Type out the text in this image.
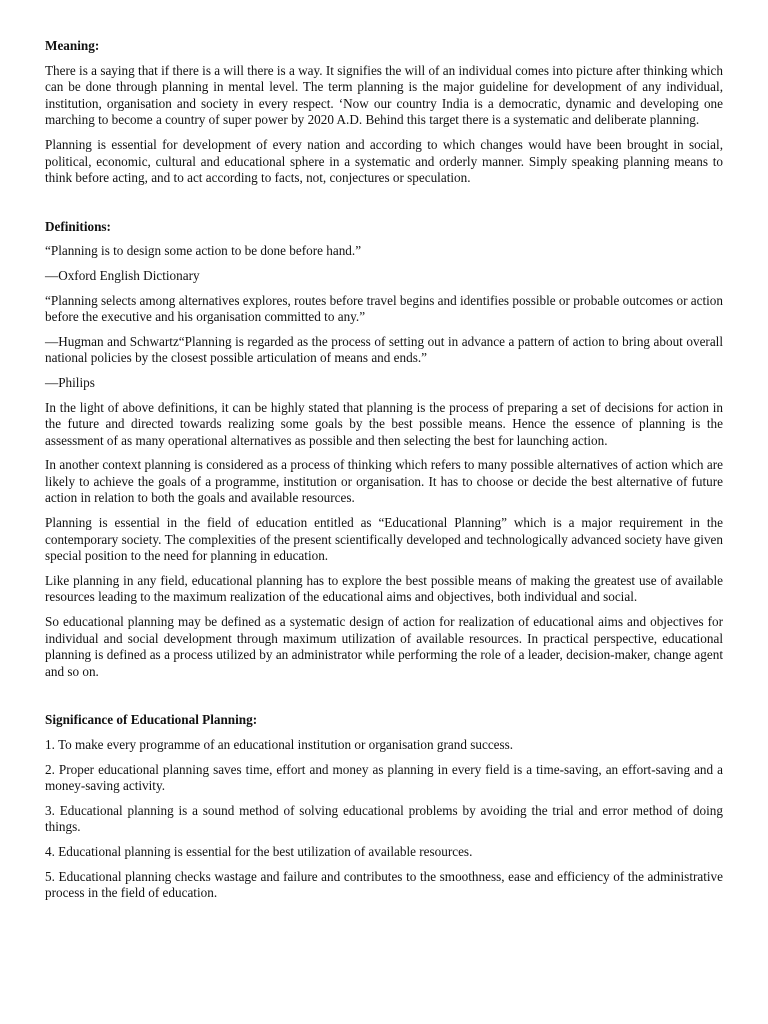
Meaning:

There is a saying that if there is a will there is a way. It signifies the will of an individual comes into picture after thinking which can be done through planning in mental level. The term planning is the major guideline for development of any individual, institution, organisation and society in every respect. ‘Now our country India is a democratic, dynamic and developing one marching to become a country of super power by 2020 A.D. Behind this target there is a systematic and deliberate planning.

Planning is essential for development of every nation and according to which changes would have been brought in social, political, economic, cultural and educational sphere in a systematic and orderly manner. Simply speaking planning means to think before acting, and to act according to facts, not, conjectures or speculation.

Definitions:

“Planning is to design some action to be done before hand.”

—Oxford English Dictionary

“Planning selects among alternatives explores, routes before travel begins and identifies possible or probable outcomes or action before the executive and his organisation committed to any.”

—Hugman and Schwartz“Planning is regarded as the process of setting out in advance a pattern of action to bring about overall national policies by the closest possible articulation of means and ends.”

—Philips

In the light of above definitions, it can be highly stated that planning is the process of preparing a set of decisions for action in the future and directed towards realizing some goals by the best possible means. Hence the essence of planning is the assessment of as many operational alternatives as possible and then selecting the best for launching action.

In another context planning is considered as a process of thinking which refers to many possible alternatives of action which are likely to achieve the goals of a programme, institution or organisation. It has to choose or decide the best alternative of future action in relation to both the goals and available resources.

Planning is essential in the field of education entitled as “Educational Planning” which is a major requirement in the contemporary society. The complexities of the present scientifically developed and technologically advanced society have given special position to the need for planning in education.

Like planning in any field, educational planning has to explore the best possible means of making the greatest use of available resources leading to the maximum realization of the educational aims and objectives, both individual and social.

So educational planning may be defined as a systematic design of action for realization of educational aims and objectives for individual and social development through maximum utilization of available resources. In practical perspective, educational planning is defined as a process utilized by an administrator while performing the role of a leader, decision-maker, change agent and so on.

Significance of Educational Planning:

1. To make every programme of an educational institution or organisation grand success.

2. Proper educational planning saves time, effort and money as planning in every field is a time-saving, an effort-saving and a money-saving activity.

3. Educational planning is a sound method of solving educational problems by avoiding the trial and error method of doing things.

4. Educational planning is essential for the best utilization of available resources.

5. Educational planning checks wastage and failure and contributes to the smoothness, ease and efficiency of the administrative process in the field of education.
